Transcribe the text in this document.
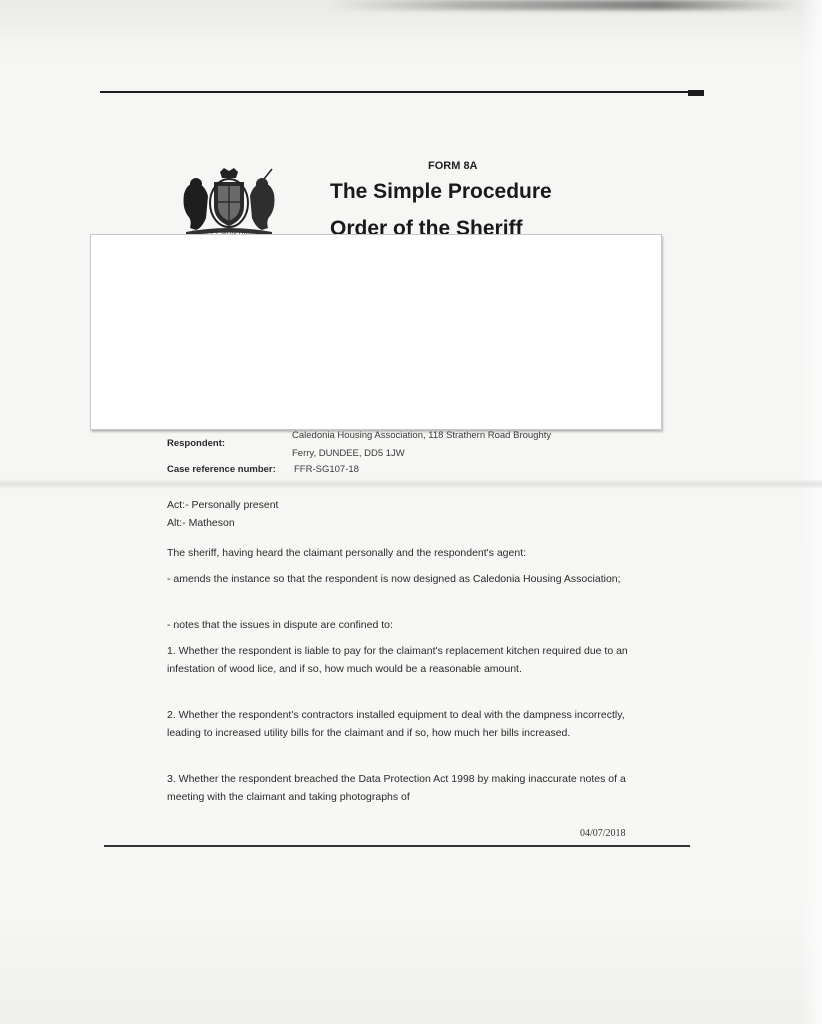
FORM 8A
The Simple Procedure
Order of the Sheriff
Respondent:
Caledonia Housing Association, 118 Strathern Road Broughty
Ferry, DUNDEE, DD5 1JW
Case reference number: FFR-SG107-18
Act:- Personally present
Alt:- Matheson
The sheriff, having heard the claimant personally and the respondent's agent:
- amends the instance so that the respondent is now designed as Caledonia Housing Association;
- notes that the issues in dispute are confined to:
1. Whether the respondent is liable to pay for the claimant's replacement kitchen required due to an infestation of wood lice, and if so, how much would be a reasonable amount.
2. Whether the respondent's contractors installed equipment to deal with the dampness incorrectly, leading to increased utility bills for the claimant and if so, how much her bills increased.
3. Whether the respondent breached the Data Protection Act 1998 by making inaccurate notes of a meeting with the claimant and taking photographs of
04/07/2018
